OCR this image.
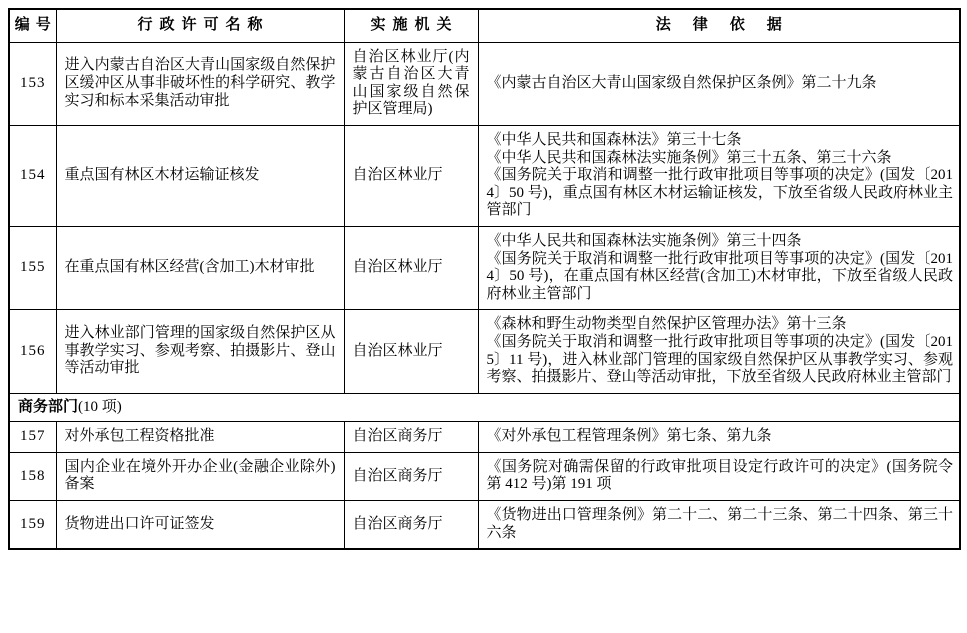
编号	行政许可名称	实施机关	法律依据
153	进入内蒙古自治区大青山国家级自然保护区缓冲区从事非破坏性的科学研究、教学实习和标本采集活动审批	自治区林业厅(内蒙古自治区大青山国家级自然保护区管理局)	《内蒙古自治区大青山国家级自然保护区条例》第二十九条

154	重点国有林区木材运输证核发	自治区林业厅	《中华人民共和国森林法》第三十七条
《中华人民共和国森林法实施条例》第三十五条、第三十六条
《国务院关于取消和调整一批行政审批项目等事项的决定》(国发〔2014〕50 号)，重点国有林区木材运输证核发，下放至省级人民政府林业主管部门

155	在重点国有林区经营(含加工)木材审批	自治区林业厅	《中华人民共和国森林法实施条例》第三十四条
《国务院关于取消和调整一批行政审批项目等事项的决定》(国发〔2014〕50 号)，在重点国有林区经营(含加工)木材审批，下放至省级人民政府林业主管部门

156	进入林业部门管理的国家级自然保护区从事教学实习、参观考察、拍摄影片、登山等活动审批	自治区林业厅	《森林和野生动物类型自然保护区管理办法》第十三条
《国务院关于取消和调整一批行政审批项目等事项的决定》(国发〔2015〕11 号)，进入林业部门管理的国家级自然保护区从事教学实习、参观考察、拍摄影片、登山等活动审批，下放至省级人民政府林业主管部门

商务部门(10 项)			
157	对外承包工程资格批准	自治区商务厅	《对外承包工程管理条例》第七条、第九条

158	国内企业在境外开办企业(金融企业除外)备案	自治区商务厅	《国务院对确需保留的行政审批项目设定行政许可的决定》(国务院令第 412 号)第 191 项

159	货物进出口许可证签发	自治区商务厅	《货物进出口管理条例》第二十二、第二十三条、第二十四条、第三十六条
